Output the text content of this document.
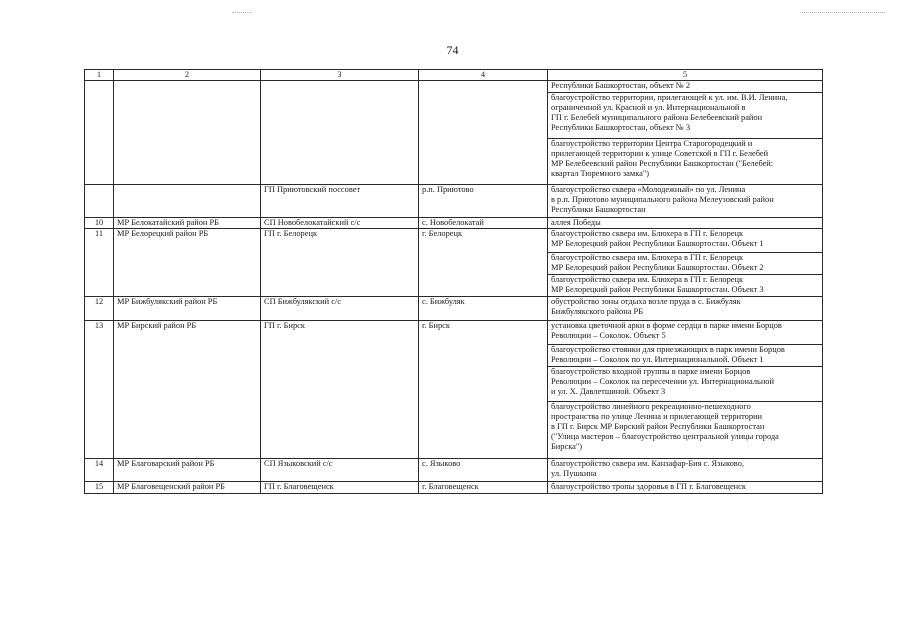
74
1	2	3	4	5

				Республики Башкортостан, объект № 2

				благоустройство территории, прилегающей к ул. им. В.И. Ленина,
ограниченной ул. Красной и ул. Интернациональной в
ГП г. Белебей муниципального района Белебеевский район
Республики Башкортостан, объект № 3

				благоустройство территории Центра Старогородецкий и
прилегающей территории к улице Советской в ГП г. Белебей
МР Белебеевский район Республики Башкортостан ("Белебей:
квартал Тюремного замка")

		ГП Приютовский поссовет	р.п. Приютово	благоустройство сквера «Молодежный» по ул. Ленина
в р.п. Приютово муниципального района Мелеузовский район
Республики Башкортостан

10	МР Белокатайский район РБ	СП Новобелокатайский с/с	с. Новобелокатай	аллея Победы

11	МР Белорецкий район РБ	ГП г. Белорецк	г. Белорецк	благоустройство сквера им. Блюхера в ГП г. Белорецк
МР Белорецкий район Республики Башкортостан. Объект 1

				благоустройство сквера им. Блюхера в ГП г. Белорецк
МР Белорецкий район Республики Башкортостан. Объект 2

				благоустройство сквера им. Блюхера в ГП г. Белорецк
МР Белорецкий район Республики Башкортостан. Объект 3

12	МР Бижбулякский район РБ	СП Бижбулякский с/с	с. Бижбуляк	обустройство зоны отдыха возле пруда в с. Бижбуляк
Бижбулякского района РБ

13	МР Бирский район РБ	ГП г. Бирск	г. Бирск	установка цветочной арки в форме сердца в парке имени Борцов
Революции – Соколок. Объект 5

				благоустройство стоянки для приезжающих в парк имени Борцов
Революции – Соколок по ул. Интернациональной. Объект 1

				благоустройство входной группы в парке имени Борцов
Революции – Соколок на пересечении ул. Интернациональной
и ул. Х. Давлетшиной. Объект 3

				благоустройство линейного рекреационно-пешеходного
пространства по улице Ленина и прилегающей территории
в ГП г. Бирск МР Бирский район Республики Башкортостан
("Улица мастеров – благоустройство центральной улицы города
Бирска")

14	МР Благоварский район РБ	СП Языковский с/с	с. Языково	благоустройство сквера им. Канзафар-Бия с. Языково,
ул. Пушкина

15	МР Благовещенский район РБ	ГП г. Благовещенск	г. Благовещенск	благоустройство тропы здоровья в ГП г. Благовещенск
